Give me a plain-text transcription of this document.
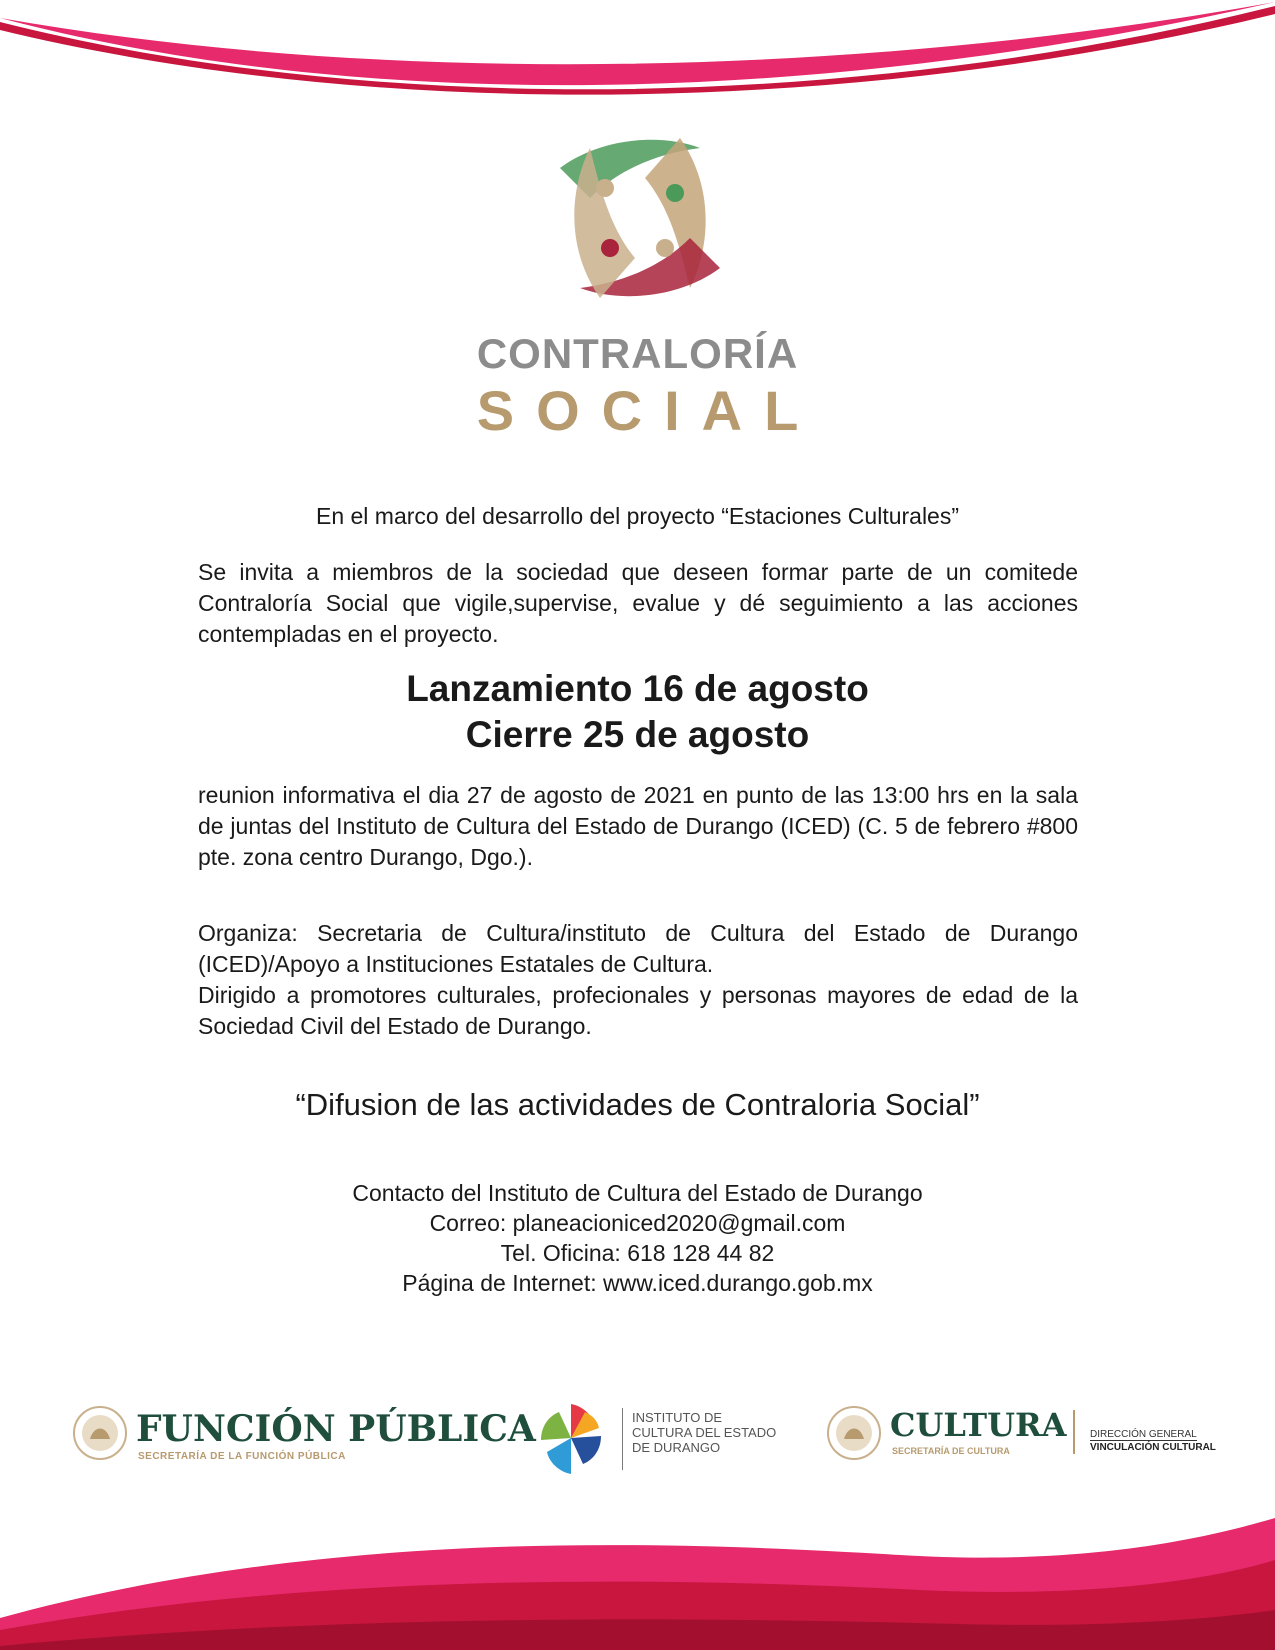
CONTRALORÍA
SOCIAL
En el marco del desarrollo del proyecto “Estaciones Culturales”
Se invita a miembros de la sociedad que deseen formar parte de un comitede Contraloría Social que vigile,supervise, evalue y dé seguimiento a las acciones contempladas en el proyecto.
Lanzamiento 16 de agosto
Cierre 25 de agosto
reunion informativa el dia 27 de agosto de 2021 en punto de las 13:00 hrs en la sala de juntas del Instituto de Cultura del Estado de Durango (ICED) (C. 5 de febrero #800 pte. zona centro Durango, Dgo.).
Organiza: Secretaria de Cultura/instituto de Cultura del Estado de Durango (ICED)/Apoyo a Instituciones Estatales de Cultura.
Dirigido a promotores culturales, profecionales y personas mayores de edad de la Sociedad Civil del Estado de Durango.
“Difusion de las actividades de Contraloria Social”
Contacto del Instituto de Cultura del Estado de Durango
Correo: planeacioniced2020@gmail.com
Tel. Oficina: 618 128 44 82
Página de Internet: www.iced.durango.gob.mx
FUNCIÓN PÚBLICA
SECRETARÍA DE LA FUNCIÓN PÚBLICA
INSTITUTO DE
CULTURA DEL ESTADO
DE DURANGO
CULTURA
SECRETARÍA DE CULTURA
DIRECCIÓN GENERAL
VINCULACIÓN CULTURAL
